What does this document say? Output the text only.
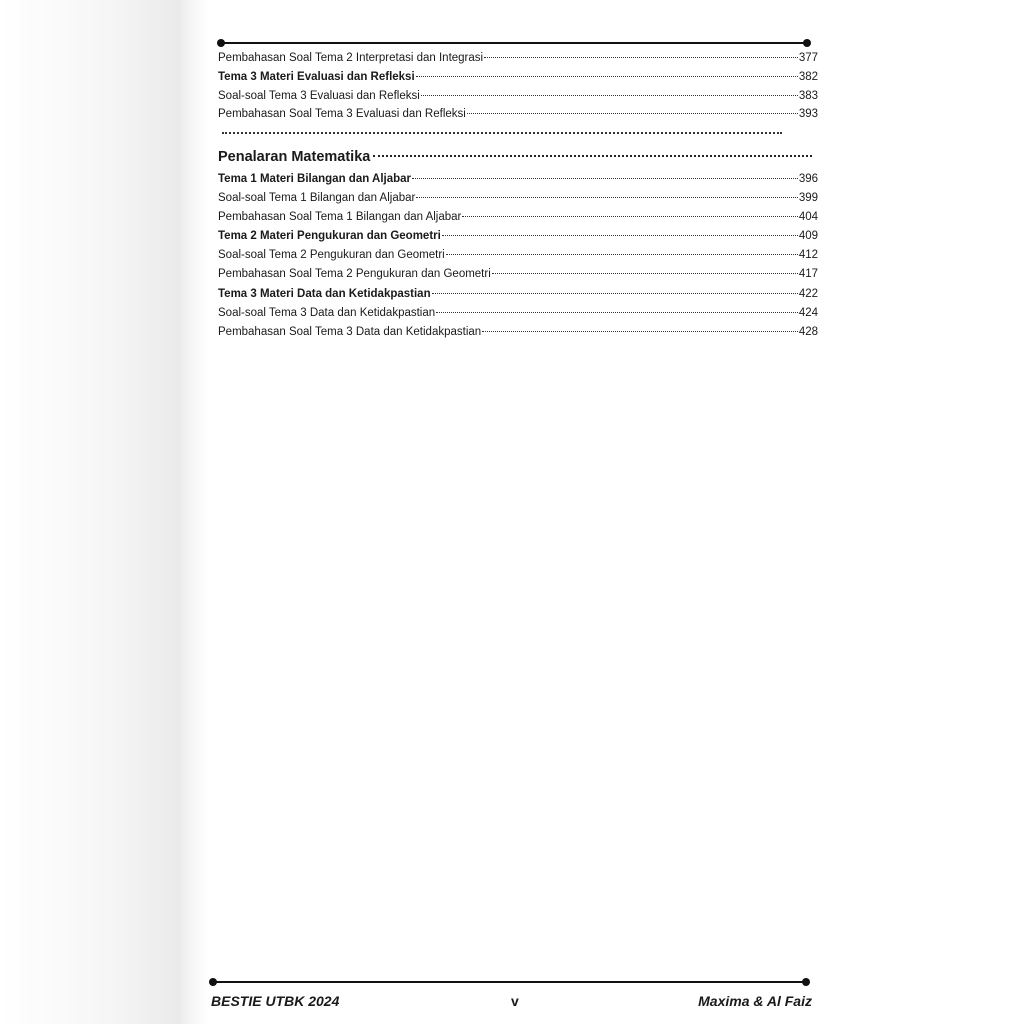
Pembahasan Soal Tema 2 Interpretasi dan Integrasi	377
Tema 3 Materi Evaluasi dan Refleksi	382
Soal-soal Tema 3 Evaluasi dan Refleksi	383
Pembahasan Soal Tema 3 Evaluasi dan Refleksi	393
Tema 1 Materi Bilangan dan Aljabar	396
Soal-soal Tema 1 Bilangan dan Aljabar	399
Pembahasan Soal Tema 1 Bilangan dan Aljabar	404
Tema 2 Materi Pengukuran dan Geometri	409
Soal-soal Tema 2 Pengukuran dan Geometri	412
Pembahasan Soal Tema 2 Pengukuran dan Geometri	417
Tema 3 Materi Data dan Ketidakpastian	422
Soal-soal Tema 3 Data dan Ketidakpastian	424
Pembahasan Soal Tema 3 Data dan Ketidakpastian	428
Penalaran Matematika
BESTIE UTBK 2024	v	Maxima & Al Faiz
